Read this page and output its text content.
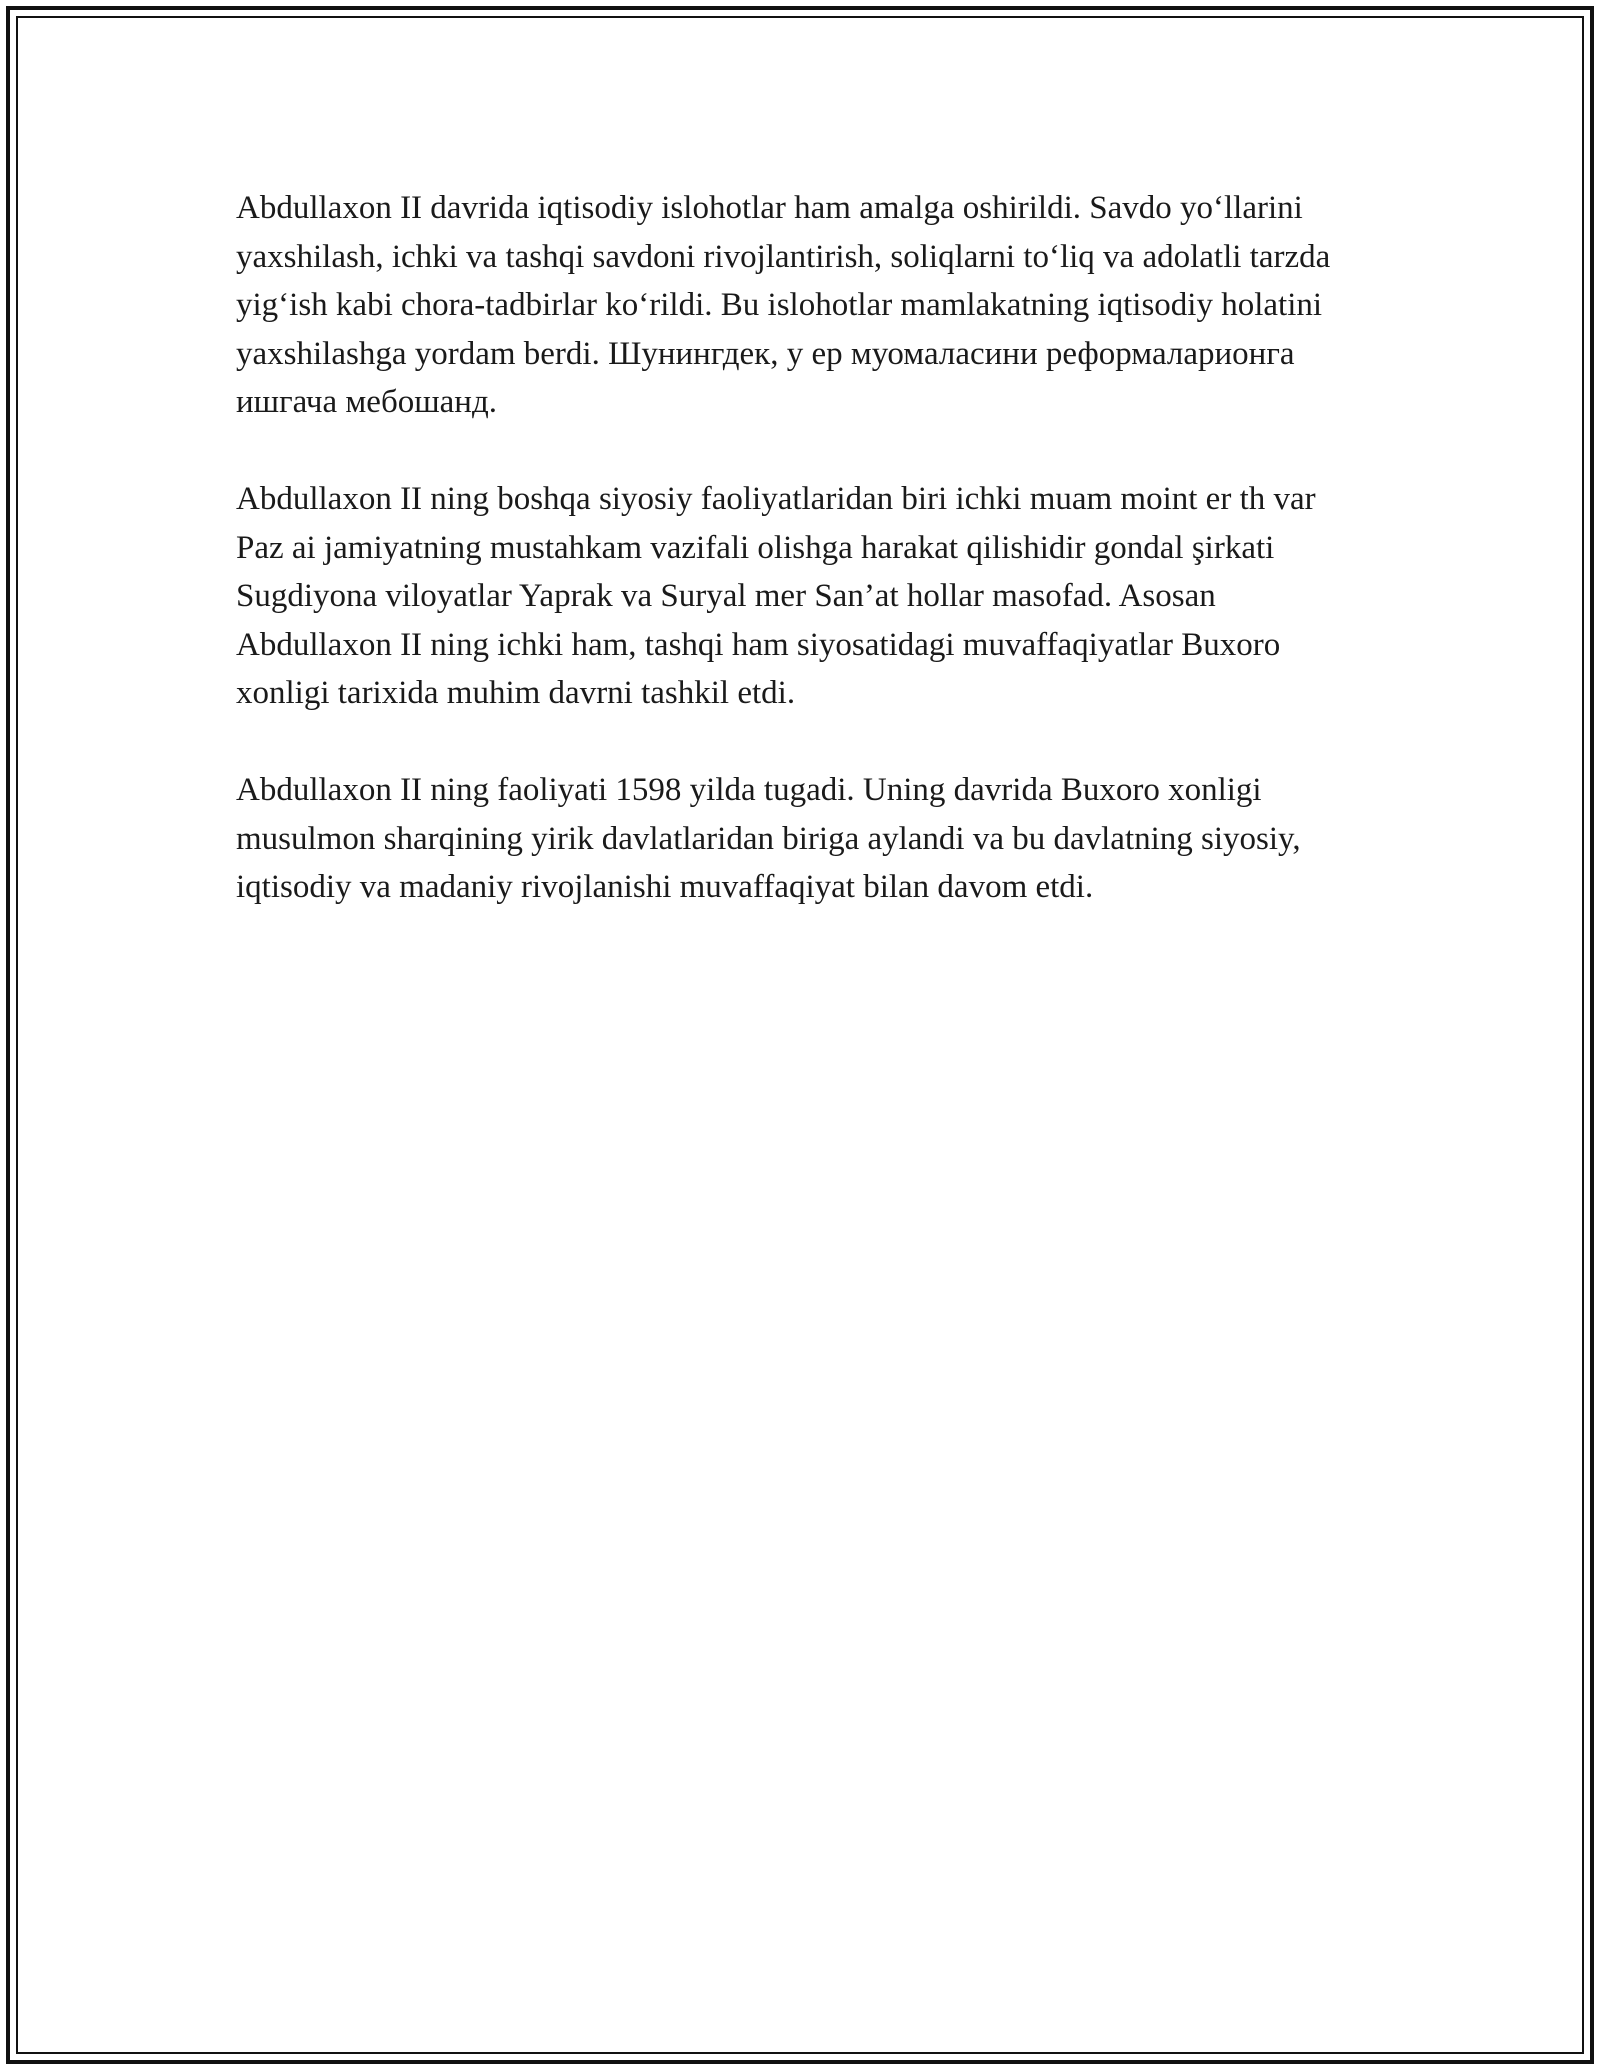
Abdullaxon II davrida iqtisodiy islohotlar ham amalga oshirildi. Savdo yo‘llarini yaxshilash, ichki va tashqi savdoni rivojlantirish, soliqlarni to‘liq va adolatli tarzda yig‘ish kabi chora-tadbirlar ko‘rildi. Bu islohotlar mamlakatning iqtisodiy holatini yaxshilashga yordam berdi. Шунингдек, у ер муомаласини реформаларионга ишгача мебошанд.

Abdullaxon II ning boshqa siyosiy faoliyatlaridan biri ichki muam moint er th var Paz ai jamiyatning mustahkam vazifali olishga harakat qilishidir gondal şirkati Sugdiyona viloyatlar Yaprak va Suryal mer San’at hollar masofad. Asosan Abdullaxon II ning ichki ham, tashqi ham siyosatidagi muvaffaqiyatlar Buxoro xonligi tarixida muhim davrni tashkil etdi.

Abdullaxon II ning faoliyati 1598 yilda tugadi. Uning davrida Buxoro xonligi musulmon sharqining yirik davlatlaridan biriga aylandi va bu davlatning siyosiy, iqtisodiy va madaniy rivojlanishi muvaffaqiyat bilan davom etdi.
